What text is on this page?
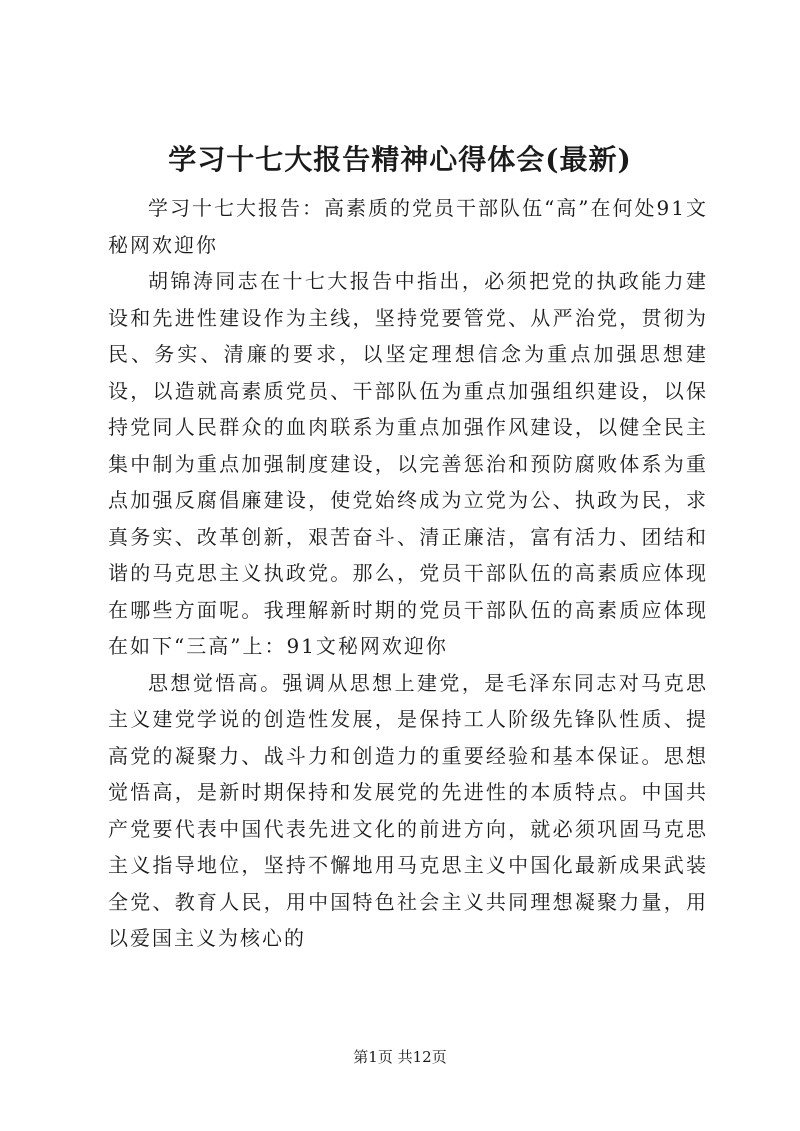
学习十七大报告精神心得体会(最新)

学习十七大报告：高素质的党员干部队伍“高”在何处91文秘网欢迎你

胡锦涛同志在十七大报告中指出，必须把党的执政能力建设和先进性建设作为主线，坚持党要管党、从严治党，贯彻为民、务实、清廉的要求，以坚定理想信念为重点加强思想建设，以造就高素质党员、干部队伍为重点加强组织建设，以保持党同人民群众的血肉联系为重点加强作风建设，以健全民主集中制为重点加强制度建设，以完善惩治和预防腐败体系为重点加强反腐倡廉建设，使党始终成为立党为公、执政为民，求真务实、改革创新，艰苦奋斗、清正廉洁，富有活力、团结和谐的马克思主义执政党。那么，党员干部队伍的高素质应体现在哪些方面呢。我理解新时期的党员干部队伍的高素质应体现在如下“三高”上：91文秘网欢迎你

思想觉悟高。强调从思想上建党，是毛泽东同志对马克思主义建党学说的创造性发展，是保持工人阶级先锋队性质、提高党的凝聚力、战斗力和创造力的重要经验和基本保证。思想觉悟高，是新时期保持和发展党的先进性的本质特点。中国共产党要代表中国代表先进文化的前进方向，就必须巩固马克思主义指导地位，坚持不懈地用马克思主义中国化最新成果武装全党、教育人民，用中国特色社会主义共同理想凝聚力量，用以爱国主义为核心的

第1页 共12页
